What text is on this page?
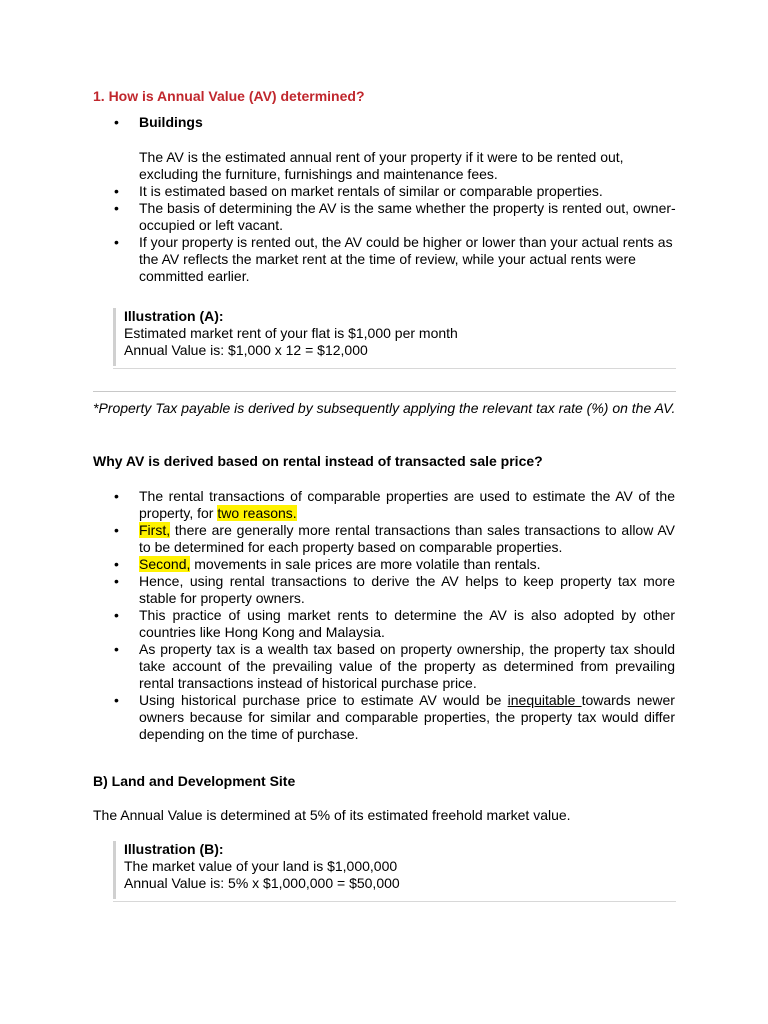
1. How is Annual Value (AV) determined?
• Buildings
The AV is the estimated annual rent of your property if it were to be rented out, excluding the furniture, furnishings and maintenance fees.
• It is estimated based on market rentals of similar or comparable properties.
• The basis of determining the AV is the same whether the property is rented out, owner-occupied or left vacant.
• If your property is rented out, the AV could be higher or lower than your actual rents as the AV reflects the market rent at the time of review, while your actual rents were committed earlier.
Illustration (A):
Estimated market rent of your flat is $1,000 per month
Annual Value is: $1,000 x 12 = $12,000
*Property Tax payable is derived by subsequently applying the relevant tax rate (%) on the AV.
Why AV is derived based on rental instead of transacted sale price?
• The rental transactions of comparable properties are used to estimate the AV of the property, for two reasons.
• First, there are generally more rental transactions than sales transactions to allow AV to be determined for each property based on comparable properties.
• Second, movements in sale prices are more volatile than rentals.
• Hence, using rental transactions to derive the AV helps to keep property tax more stable for property owners.
• This practice of using market rents to determine the AV is also adopted by other countries like Hong Kong and Malaysia.
• As property tax is a wealth tax based on property ownership, the property tax should take account of the prevailing value of the property as determined from prevailing rental transactions instead of historical purchase price.
• Using historical purchase price to estimate AV would be inequitable towards newer owners because for similar and comparable properties, the property tax would differ depending on the time of purchase.
B) Land and Development Site
The Annual Value is determined at 5% of its estimated freehold market value.
Illustration (B):
The market value of your land is $1,000,000
Annual Value is: 5% x $1,000,000 = $50,000
